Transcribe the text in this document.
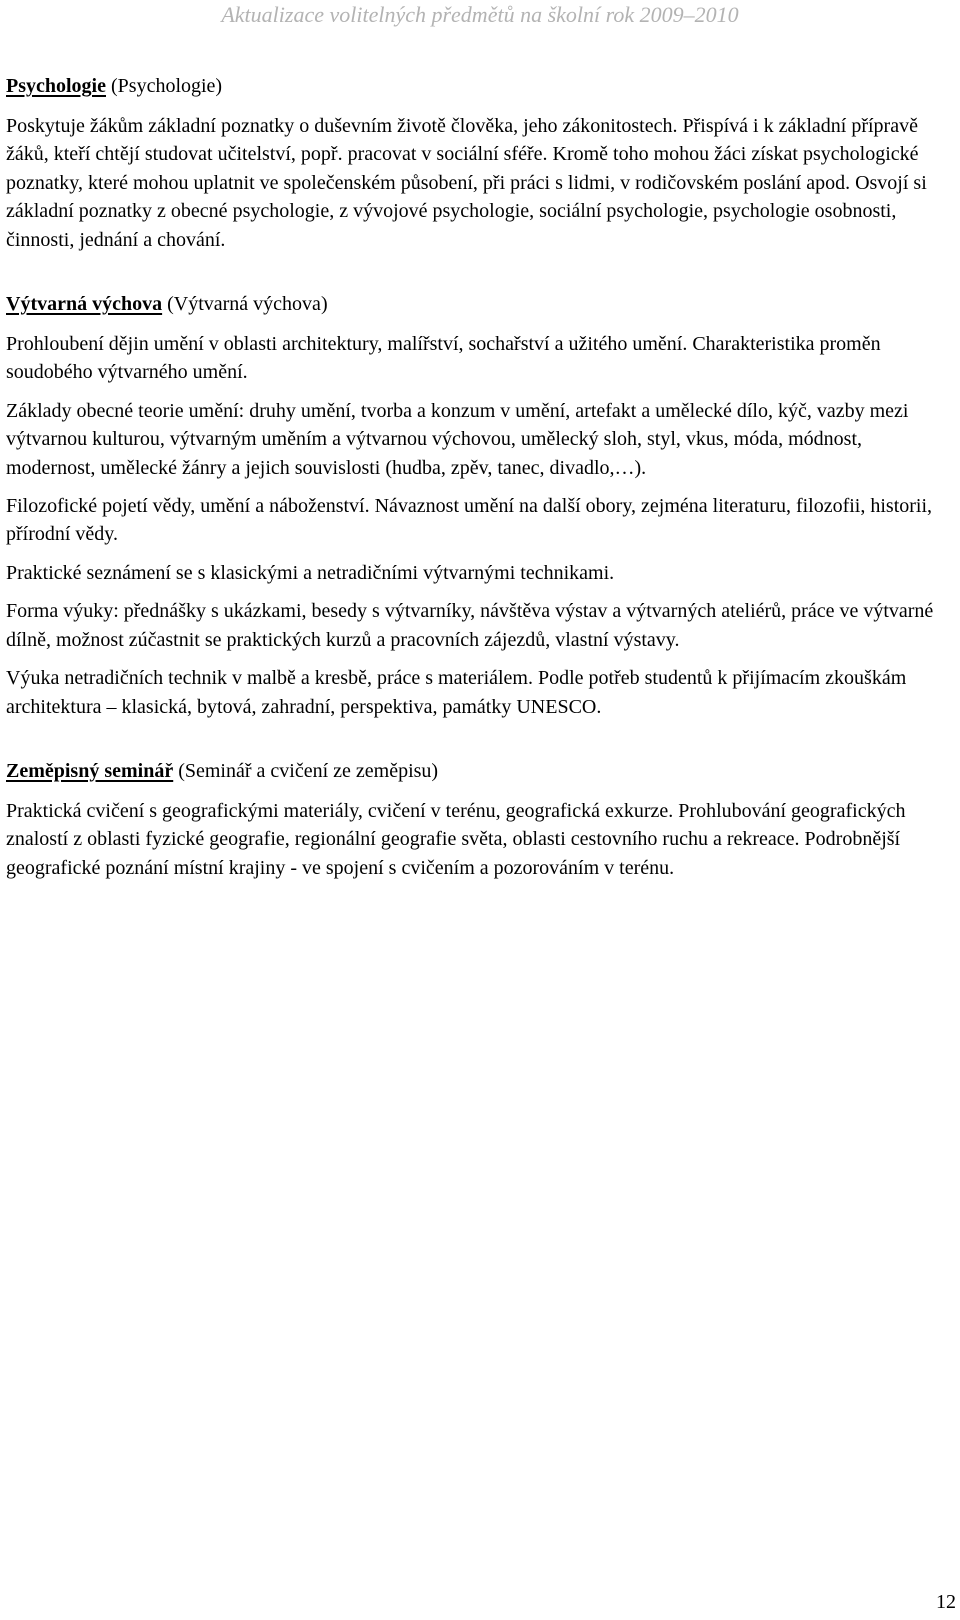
Aktualizace volitelných předmětů na školní rok 2009–2010

Psychologie (Psychologie)

Poskytuje žákům základní poznatky o duševním životě člověka, jeho zákonitostech. Přispívá i k základní přípravě žáků, kteří chtějí studovat učitelství, popř. pracovat v sociální sféře. Kromě toho mohou žáci získat psychologické poznatky, které mohou uplatnit ve společenském působení, při práci s lidmi, v rodičovském poslání apod. Osvojí si základní poznatky z obecné psychologie, z vývojové psychologie, sociální psychologie, psychologie osobnosti, činnosti, jednání a chování.

Výtvarná výchova (Výtvarná výchova)

Prohloubení dějin umění v oblasti architektury, malířství, sochařství a užitého umění. Charakteristika proměn soudobého výtvarného umění.

Základy obecné teorie umění: druhy umění, tvorba a konzum v umění, artefakt a umělecké dílo, kýč, vazby mezi výtvarnou kulturou, výtvarným uměním a výtvarnou výchovou, umělecký sloh, styl, vkus, móda, módnost, modernost, umělecké žánry a jejich souvislosti (hudba, zpěv, tanec, divadlo,…).

Filozofické pojetí vědy, umění a náboženství. Návaznost umění na další obory, zejména literaturu, filozofii, historii, přírodní vědy.

Praktické seznámení se s klasickými a netradičními výtvarnými technikami.

Forma výuky: přednášky s ukázkami, besedy s výtvarníky, návštěva výstav a výtvarných ateliérů, práce ve výtvarné dílně, možnost zúčastnit se praktických kurzů a pracovních zájezdů, vlastní výstavy.

Výuka netradičních technik v malbě a kresbě, práce s materiálem. Podle potřeb studentů k přijímacím zkouškám architektura – klasická, bytová, zahradní, perspektiva, památky UNESCO.

Zeměpisný seminář (Seminář a cvičení ze zeměpisu)

Praktická cvičení s geografickými materiály, cvičení v terénu, geografická exkurze. Prohlubování geografických znalostí z oblasti fyzické geografie, regionální geografie světa, oblasti cestovního ruchu a rekreace. Podrobnější geografické poznání místní krajiny - ve spojení s cvičením a pozorováním v terénu.

12
